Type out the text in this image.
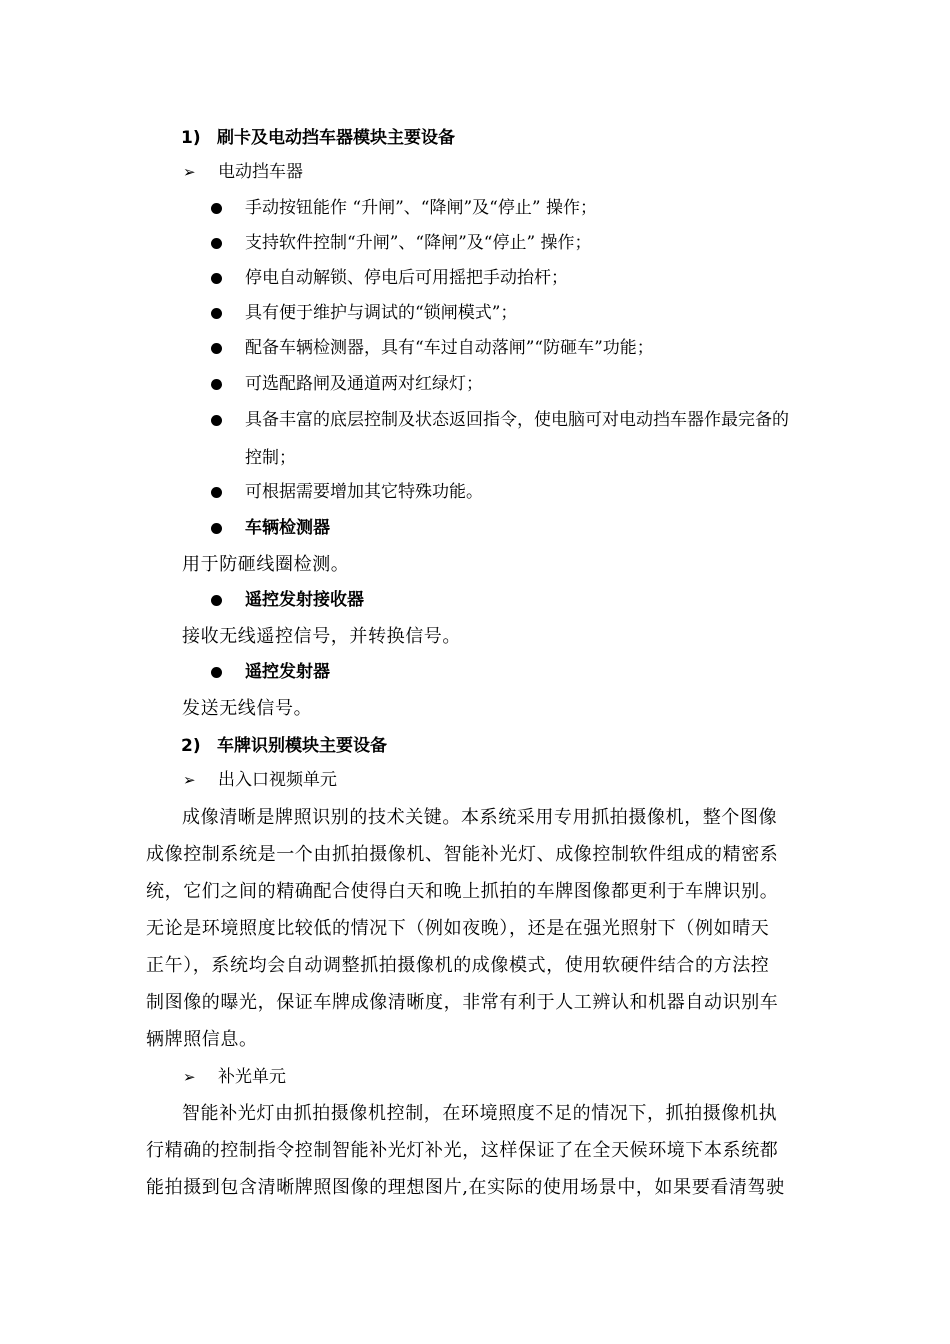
1) 刷卡及电动挡车器模块主要设备
➢ 电动挡车器
手动按钮能作 “升闸”、“降闸”及“停止” 操作；
支持软件控制“升闸”、“降闸”及“停止” 操作；
停电自动解锁、停电后可用摇把手动抬杆；
具有便于维护与调试的“锁闸模式”；
配备车辆检测器，具有“车过自动落闸”“防砸车”功能；
可选配路闸及通道两对红绿灯；
具备丰富的底层控制及状态返回指令，使电脑可对电动挡车器作最完备的
控制；
可根据需要增加其它特殊功能。
车辆检测器
用于防砸线圈检测。
遥控发射接收器
接收无线遥控信号，并转换信号。
遥控发射器
发送无线信号。
2) 车牌识别模块主要设备
➢ 出入口视频单元
成像清晰是牌照识别的技术关键。本系统采用专用抓拍摄像机，整个图像
成像控制系统是一个由抓拍摄像机、智能补光灯、成像控制软件组成的精密系
统，它们之间的精确配合使得白天和晚上抓拍的车牌图像都更利于车牌识别。
无论是环境照度比较低的情况下（例如夜晚），还是在强光照射下（例如晴天
正午），系统均会自动调整抓拍摄像机的成像模式，使用软硬件结合的方法控
制图像的曝光，保证车牌成像清晰度，非常有利于人工辨认和机器自动识别车
辆牌照信息。
➢ 补光单元
智能补光灯由抓拍摄像机控制，在环境照度不足的情况下，抓拍摄像机执
行精确的控制指令控制智能补光灯补光，这样保证了在全天候环境下本系统都
能拍摄到包含清晰牌照图像的理想图片,在实际的使用场景中，如果要看清驾驶
